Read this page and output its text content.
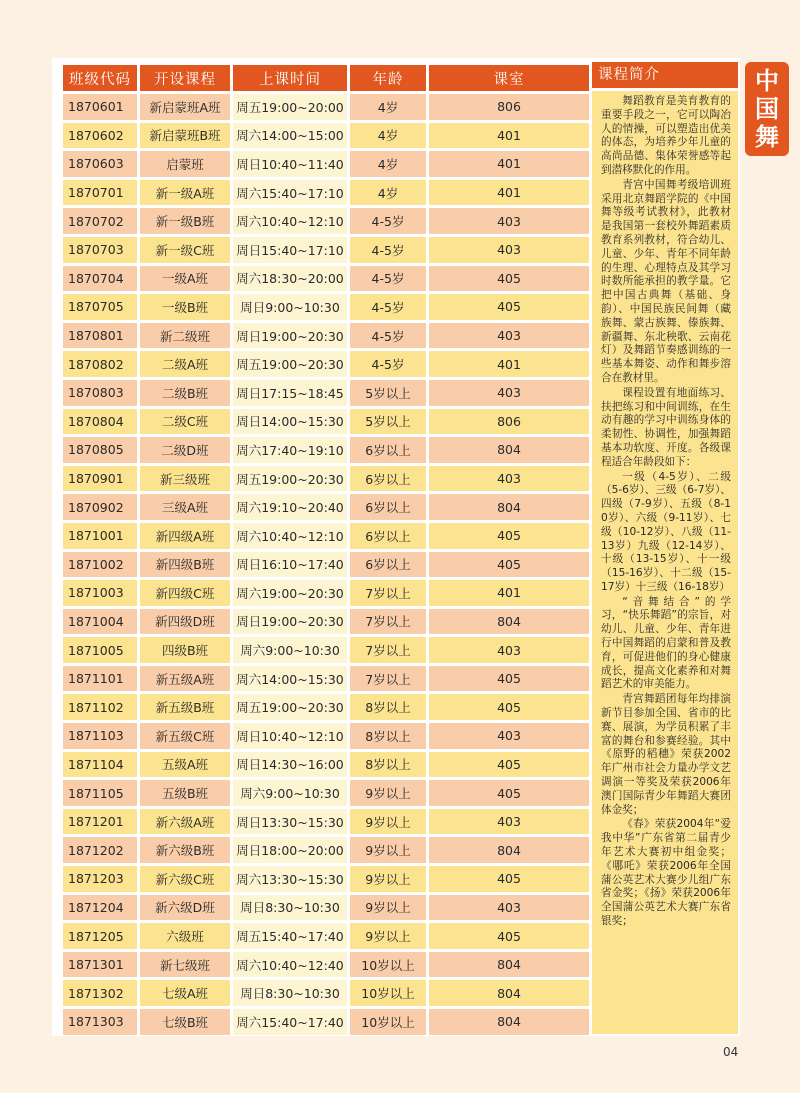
中
国
舞
班级代码	开设课程	上课时间	年龄	课室
1870601	新启蒙班A班	周五19:00~20:00	4岁	806
1870602	新启蒙班B班	周六14:00~15:00	4岁	401
1870603	启蒙班	周日10:40~11:40	4岁	401
1870701	新一级A班	周六15:40~17:10	4岁	401
1870702	新一级B班	周六10:40~12:10	4-5岁	403
1870703	新一级C班	周日15:40~17:10	4-5岁	403
1870704	一级A班	周六18:30~20:00	4-5岁	405
1870705	一级B班	周日9:00~10:30	4-5岁	405
1870801	新二级班	周日19:00~20:30	4-5岁	403
1870802	二级A班	周五19:00~20:30	4-5岁	401
1870803	二级B班	周日17:15~18:45	5岁以上	403
1870804	二级C班	周日14:00~15:30	5岁以上	806
1870805	二级D班	周六17:40~19:10	6岁以上	804
1870901	新三级班	周五19:00~20:30	6岁以上	403
1870902	三级A班	周六19:10~20:40	6岁以上	804
1871001	新四级A班	周六10:40~12:10	6岁以上	405
1871002	新四级B班	周日16:10~17:40	6岁以上	405
1871003	新四级C班	周六19:00~20:30	7岁以上	401
1871004	新四级D班	周日19:00~20:30	7岁以上	804
1871005	四级B班	周六9:00~10:30	7岁以上	403
1871101	新五级A班	周六14:00~15:30	7岁以上	405
1871102	新五级B班	周五19:00~20:30	8岁以上	405
1871103	新五级C班	周日10:40~12:10	8岁以上	403
1871104	五级A班	周日14:30~16:00	8岁以上	405
1871105	五级B班	周六9:00~10:30	9岁以上	405
1871201	新六级A班	周日13:30~15:30	9岁以上	403
1871202	新六级B班	周日18:00~20:00	9岁以上	804
1871203	新六级C班	周六13:30~15:30	9岁以上	405
1871204	新六级D班	周日8:30~10:30	9岁以上	403
1871205	六级班	周五15:40~17:40	9岁以上	405
1871301	新七级班	周六10:40~12:40	10岁以上	804
1871302	七级A班	周日8:30~10:30	10岁以上	804
1871303	七级B班	周六15:40~17:40	10岁以上	804
课程简介

舞蹈教育是美育教育的重要手段之一，它可以陶冶人的情操，可以塑造出优美的体态，为培养少年儿童的高尚品德、集体荣誉感等起到潜移默化的作用。

青宫中国舞考级培训班采用北京舞蹈学院的《中国舞等级考试教材》，此教材是我国第一套校外舞蹈素质教育系列教材，符合幼儿、儿童、少年、青年不同年龄的生理、心理特点及其学习时数所能承担的教学量。它把中国古典舞（基础、身韵）、中国民族民间舞（藏族舞、蒙古族舞、傣族舞、新疆舞、东北秧歌、云南花灯）及舞蹈节奏感训练的一些基本舞姿、动作和舞步溶合在教材里。

课程设置有地面练习、扶把练习和中间训练，在生动有趣的学习中训练身体的柔韧性、协调性，加强舞蹈基本功软度、开度。各级课程适合年龄段如下：

一级（4-5岁）、二级（5-6岁）、三级（6-7岁）、四级（7-9岁）、五级（8-10岁）、六级（9-11岁）、七级（10-12岁）、八级（11-13岁）九级（12-14岁）、十级（13-15岁）、十一级（15-16岁）、十二级（15-17岁）十三级（16-18岁）

“音舞结合”的学习，“快乐舞蹈”的宗旨，对幼儿、儿童、少年、青年进行中国舞蹈的启蒙和普及教育，可促进他们的身心健康成长，提高文化素养和对舞蹈艺术的审美能力。

青宫舞蹈团每年均排演新节目参加全国、省市的比赛、展演，为学员积累了丰富的舞台和参赛经验。其中《原野的稻穗》荣获2002年广州市社会力量办学文艺调演一等奖及荣获2006年澳门国际青少年舞蹈大赛团体金奖；

《春》荣获2004年“爱我中华”广东省第二届青少年艺术大赛初中组金奖；《哪吒》荣获2006年全国蒲公英艺术大赛少儿组广东省金奖；《扬》荣获2006年全国蒲公英艺术大赛广东省银奖；

04
